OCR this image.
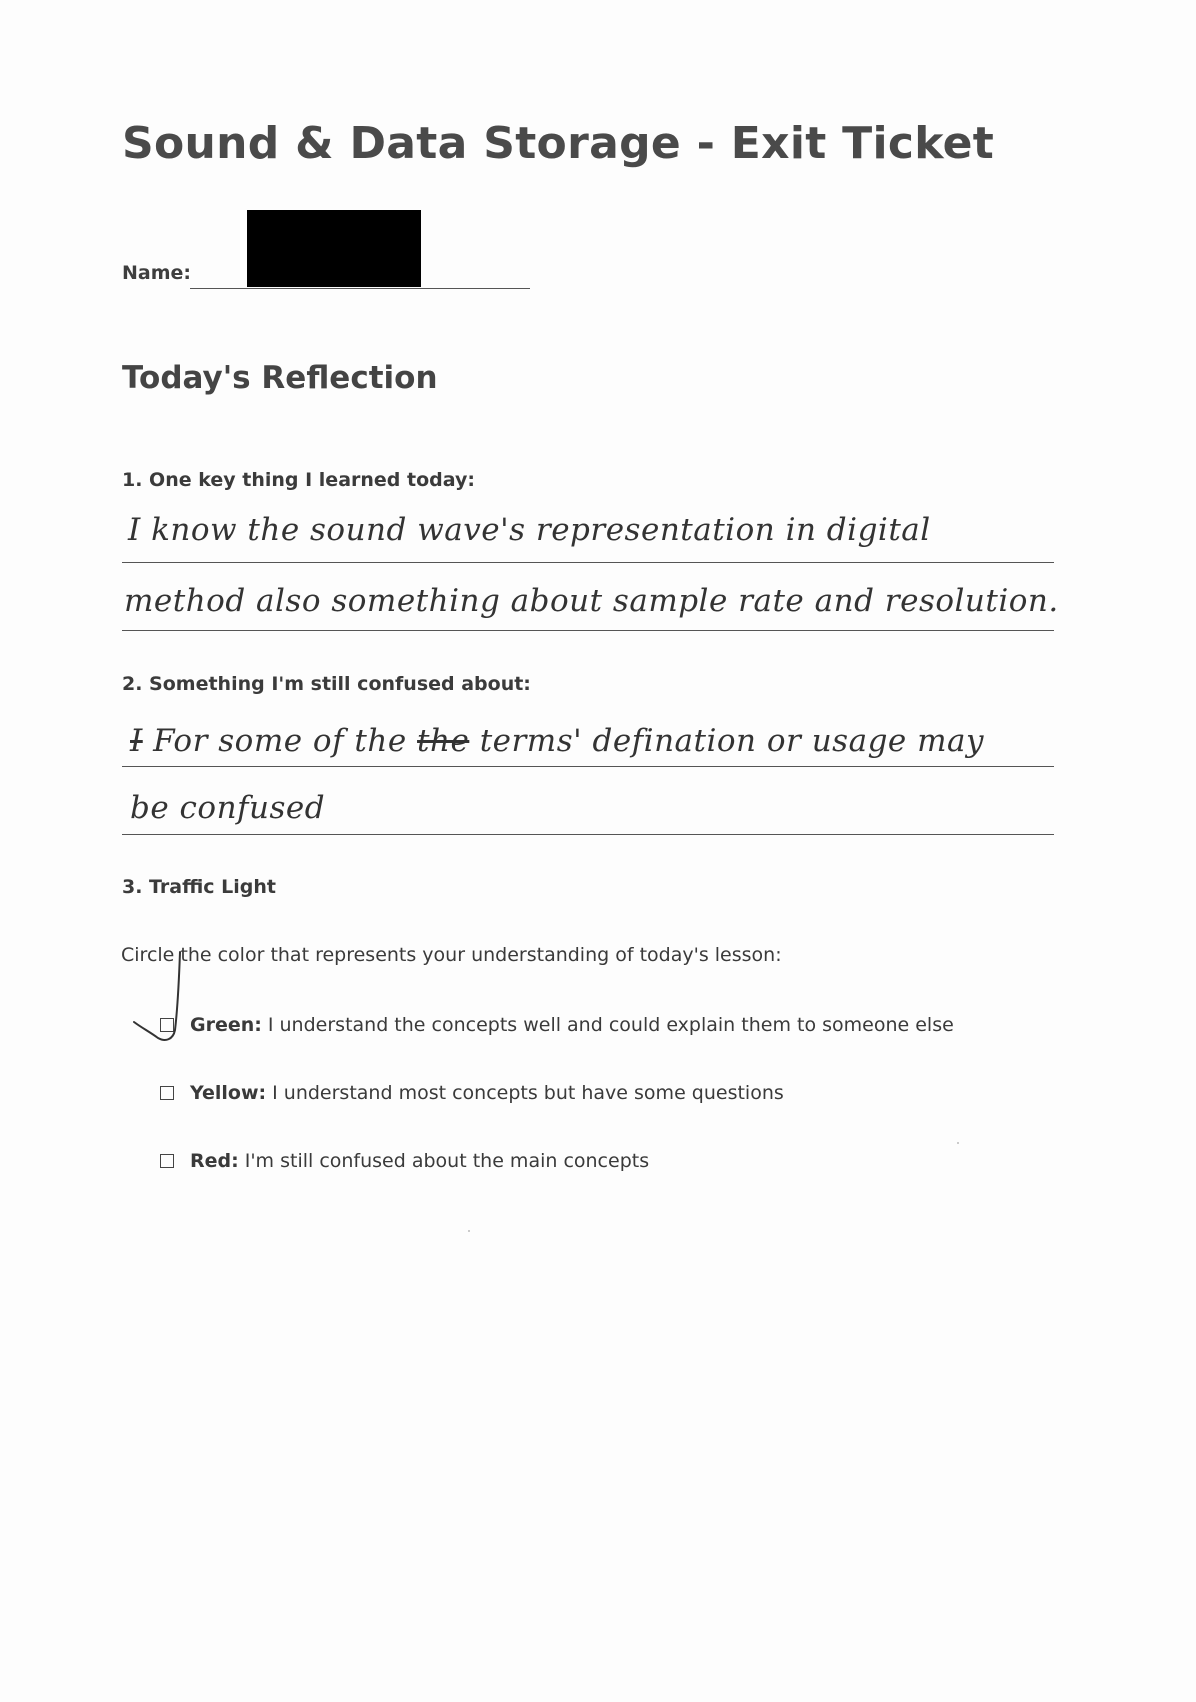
Sound & Data Storage - Exit Ticket
Name:
Today's Reflection
1. One key thing I learned today:
I know the sound wave's representation in digital
method also something about sample rate and resolution.
2. Something I'm still confused about:
I For some of the the terms' defination or usage may
be confused
3. Traffic Light
Circle the color that represents your understanding of today's lesson:
Green: I understand the concepts well and could explain them to someone else
Yellow: I understand most concepts but have some questions
Red: I'm still confused about the main concepts
